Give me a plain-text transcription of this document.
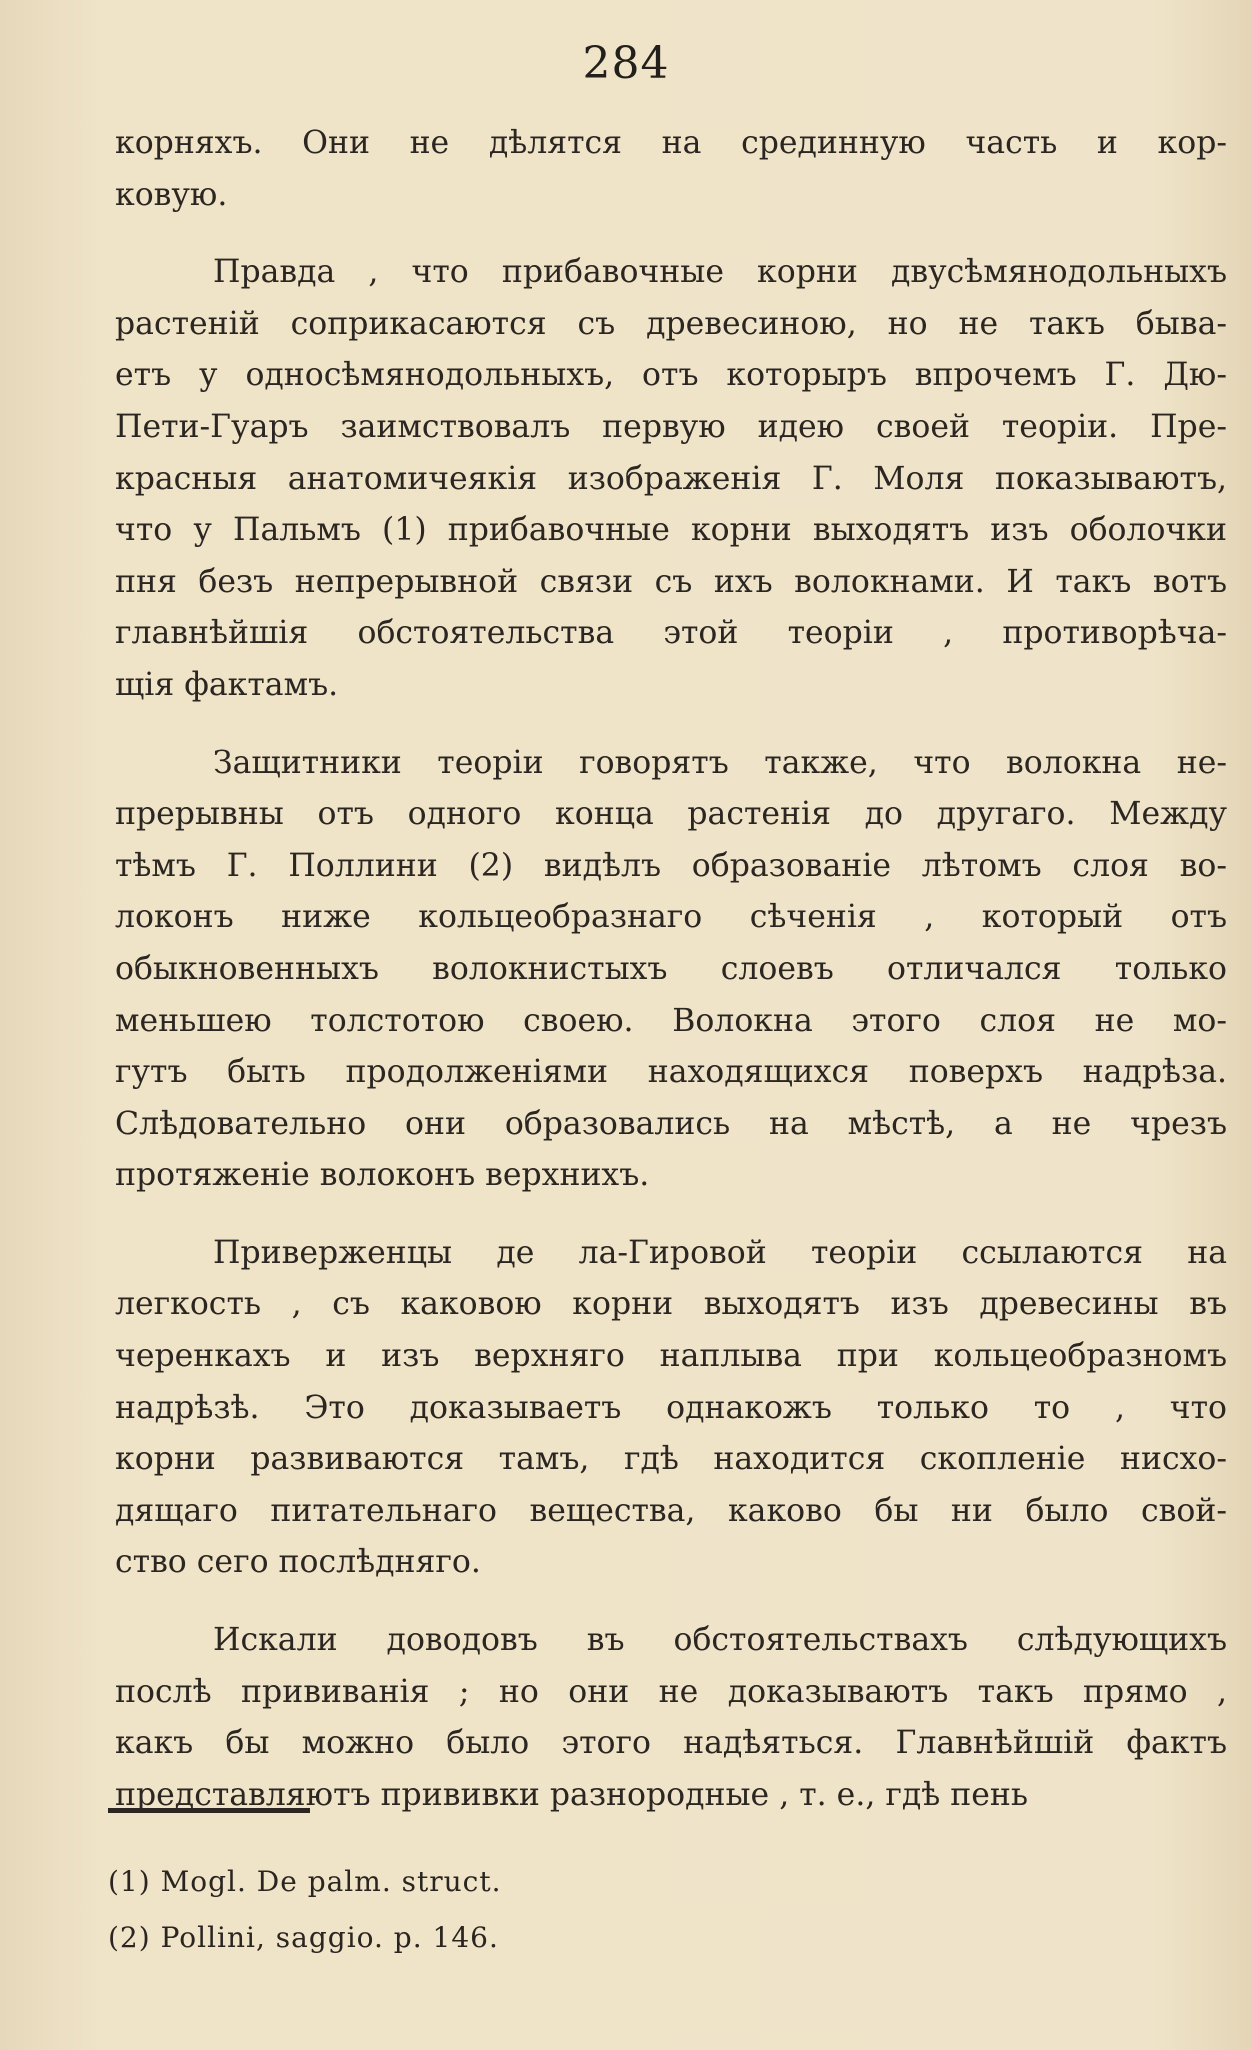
284
корняхъ. Они не дѣлятся на срединную часть и кор-
ковую.
Правда , что прибавочные корни двусѣмянодольныхъ
растеній соприкасаются съ древесиною, но не такъ быва-
етъ у односѣмянодольныхъ, отъ которыръ впрочемъ Г. Дю-
Пети-Гуаръ заимствовалъ первую идею своей теоріи. Пре-
красныя анатомичеякія изображенія Г. Моля показываютъ,
что у Пальмъ (1) прибавочные корни выходятъ изъ оболочки
пня безъ непрерывной связи съ ихъ волокнами. И такъ вотъ
главнѣйшія обстоятельства этой теоріи , противорѣча-
щія фактамъ.
Защитники теоріи говорятъ также, что волокна не-
прерывны отъ одного конца растенія до другаго. Между
тѣмъ Г. Поллини (2) видѣлъ образованіе лѣтомъ слоя во-
локонъ ниже кольцеобразнаго сѣченія , который отъ
обыкновенныхъ волокнистыхъ слоевъ отличался только
меньшею толстотою своею. Волокна этого слоя не мо-
гутъ быть продолженіями находящихся поверхъ надрѣза.
Слѣдовательно они образовались на мѣстѣ, а не чрезъ
протяженіе волоконъ верхнихъ.
Приверженцы де ла-Гировой теоріи ссылаются на
легкость , съ каковою корни выходятъ изъ древесины въ
черенкахъ и изъ верхняго наплыва при кольцеобразномъ
надрѣзѣ. Это доказываетъ однакожъ только то , что
корни развиваются тамъ, гдѣ находится скопленіе нисхо-
дящаго питательнаго вещества, каково бы ни было свой-
ство сего послѣдняго.
Искали доводовъ въ обстоятельствахъ слѣдующихъ
послѣ прививанія ; но они не доказываютъ такъ прямо ,
какъ бы можно было этого надѣяться. Главнѣйшій фактъ
представляютъ прививки разнородные , т. е., гдѣ пень
(1) Mogl. De palm. struct.
(2) Pollini, saggio. p. 146.
